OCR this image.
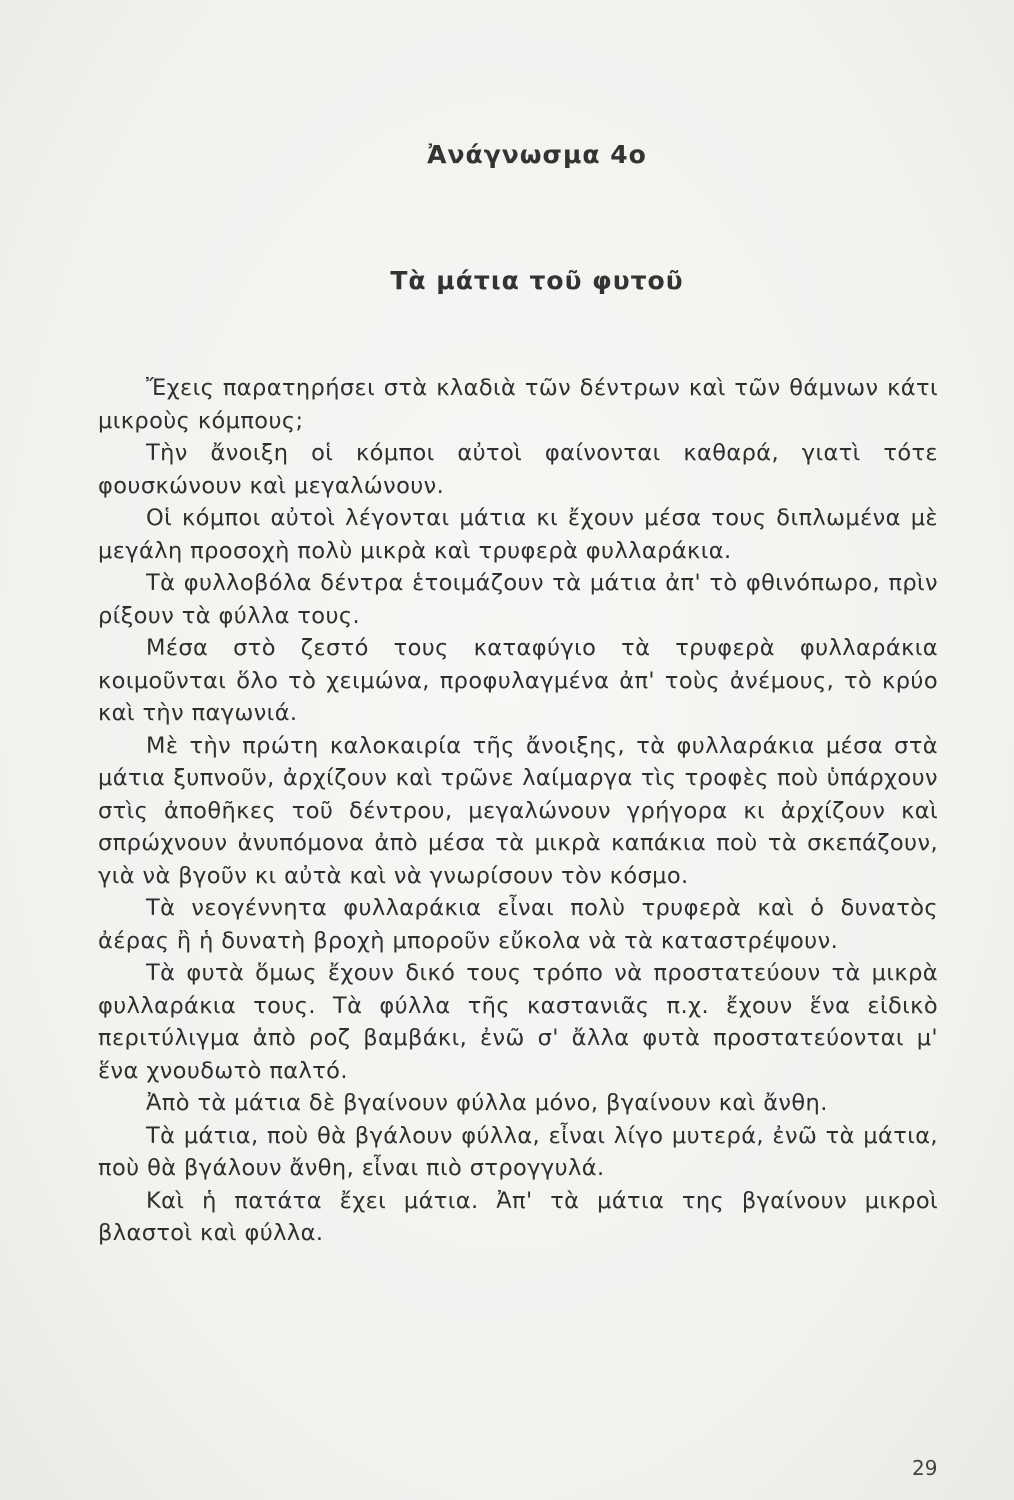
Ἀνάγνωσμα 4ο
Τὰ μάτια τοῦ φυτοῦ

Ἔχεις παρατηρήσει στὰ κλαδιὰ τῶν δέντρων καὶ τῶν θάμνων κάτι μικροὺς κόμπους;

Τὴν ἄνοιξη οἱ κόμποι αὐτοὶ φαίνονται καθαρά, γιατὶ τότε φουσκώνουν καὶ μεγαλώνουν.

Οἱ κόμποι αὐτοὶ λέγονται μάτια κι ἔχουν μέσα τους διπλωμένα μὲ μεγάλη προσοχὴ πολὺ μικρὰ καὶ τρυφερὰ φυλλαράκια.

Τὰ φυλλοβόλα δέντρα ἑτοιμάζουν τὰ μάτια ἀπ' τὸ φθινόπωρο, πρὶν ρίξουν τὰ φύλλα τους.

Μέσα στὸ ζεστό τους καταφύγιο τὰ τρυφερὰ φυλλαράκια κοιμοῦνται ὅλο τὸ χειμώνα, προφυλαγμένα ἀπ' τοὺς ἀνέμους, τὸ κρύο καὶ τὴν παγωνιά.

Μὲ τὴν πρώτη καλοκαιρία τῆς ἄνοιξης, τὰ φυλλαράκια μέσα στὰ μάτια ξυπνοῦν, ἀρχίζουν καὶ τρῶνε λαίμαργα τὶς τροφὲς ποὺ ὑπάρχουν στὶς ἀποθῆκες τοῦ δέντρου, μεγαλώνουν γρήγορα κι ἀρχίζουν καὶ σπρώχνουν ἀνυπόμονα ἀπὸ μέσα τὰ μικρὰ καπάκια ποὺ τὰ σκεπάζουν, γιὰ νὰ βγοῦν κι αὐτὰ καὶ νὰ γνωρίσουν τὸν κόσμο.

Τὰ νεογέννητα φυλλαράκια εἶναι πολὺ τρυφερὰ καὶ ὁ δυνατὸς ἀέρας ἢ ἡ δυνατὴ βροχὴ μποροῦν εὔκολα νὰ τὰ καταστρέψουν.

Τὰ φυτὰ ὅμως ἔχουν δικό τους τρόπο νὰ προστατεύουν τὰ μικρὰ φυλλαράκια τους. Τὰ φύλλα τῆς καστανιᾶς π.χ. ἔχουν ἕνα εἰδικὸ περιτύλιγμα ἀπὸ ροζ βαμβάκι, ἐνῶ σ' ἄλλα φυτὰ προστατεύονται μ' ἕνα χνουδωτὸ παλτό.

Ἀπὸ τὰ μάτια δὲ βγαίνουν φύλλα μόνο, βγαίνουν καὶ ἄνθη.

Τὰ μάτια, ποὺ θὰ βγάλουν φύλλα, εἶναι λίγο μυτερά, ἐνῶ τὰ μάτια, ποὺ θὰ βγάλουν ἄνθη, εἶναι πιὸ στρογγυλά.

Καὶ ἡ πατάτα ἔχει μάτια. Ἀπ' τὰ μάτια της βγαίνουν μικροὶ βλαστοὶ καὶ φύλλα.

29
